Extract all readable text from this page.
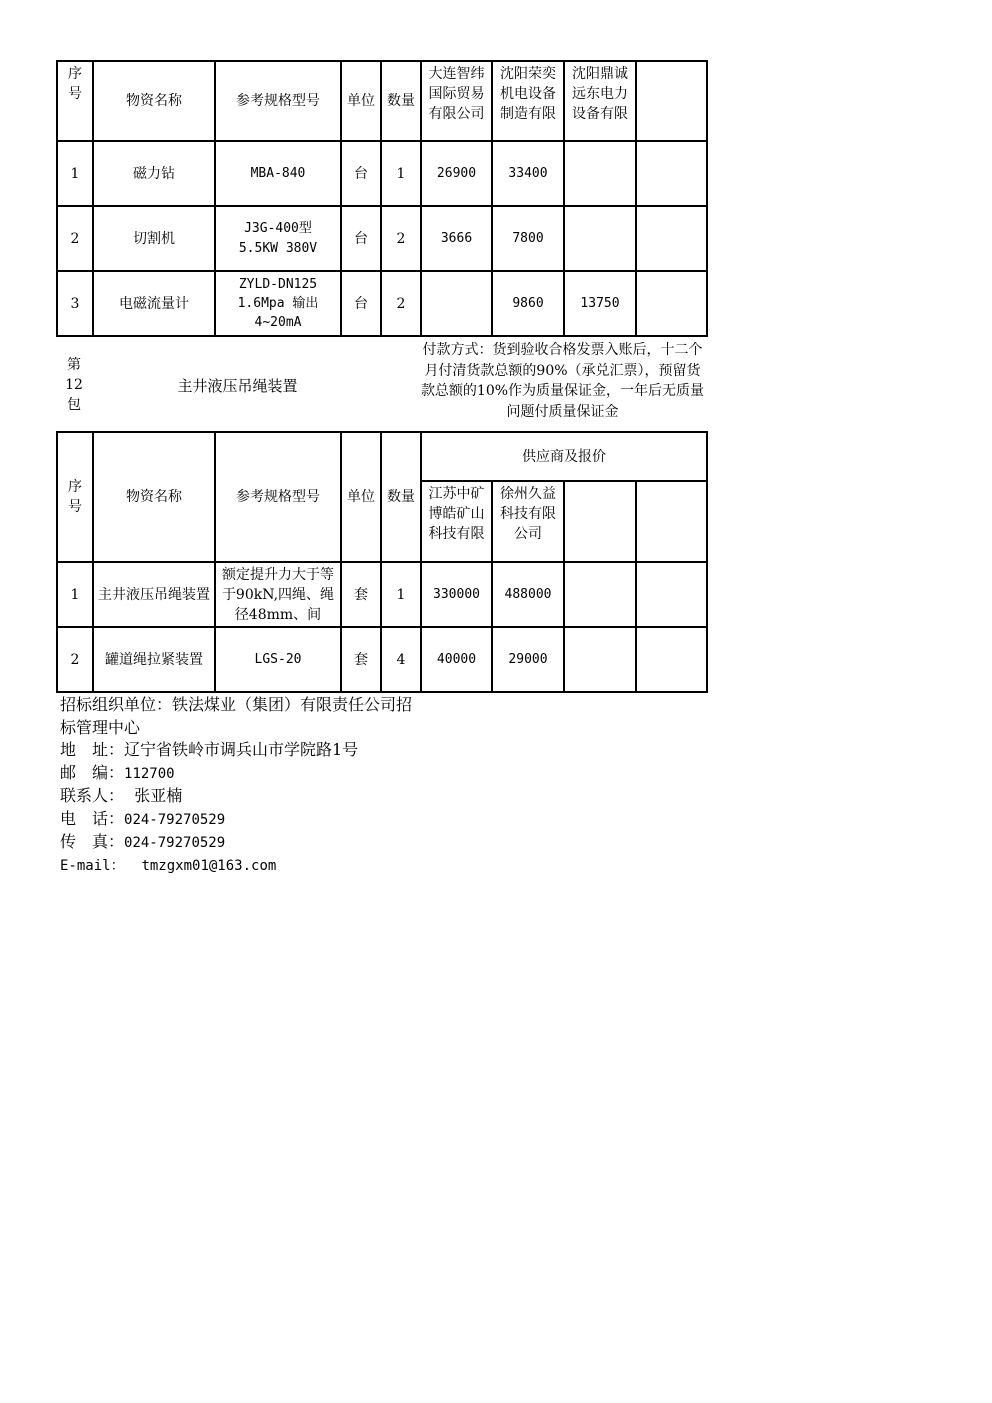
序号	物资名称	参考规格型号	单位	数量	大连智纬国际贸易有限公司	沈阳荣奕机电设备制造有限	沈阳鼎诚远东电力设备有限	

1	磁力钻	MBA-840	台	1	26900	33400		
2	切割机	J3G-400型 5.5KW 380V	台	2	3666	7800		
3	电磁流量计	ZYLD-DN125 1.6Mpa 输出4~20mA	台	2		9860	13750	
第12包
主井液压吊绳装置
付款方式：货到验收合格发票入账后，十二个月付清货款总额的90%（承兑汇票），预留货款总额的10%作为质量保证金，一年后无质量问题付质量保证金
序号	物资名称	参考规格型号	单位	数量	供应商及报价			

					江苏中矿博皓矿山科技有限	徐州久益科技有限公司		

1	主井液压吊绳装置	额定提升力大于等于90kN,四绳、绳径48mm、间	套	1	330000	488000		
2	罐道绳拉紧装置	LGS-20	套	4	40000	29000		
招标组织单位：铁法煤业（集团）有限责任公司招标管理中心
地　址：辽宁省铁岭市调兵山市学院路1号
邮　编：112700
联系人： 张亚楠
电　话：024-79270529
传　真：024-79270529
E-mail： tmzgxm01@163.com
